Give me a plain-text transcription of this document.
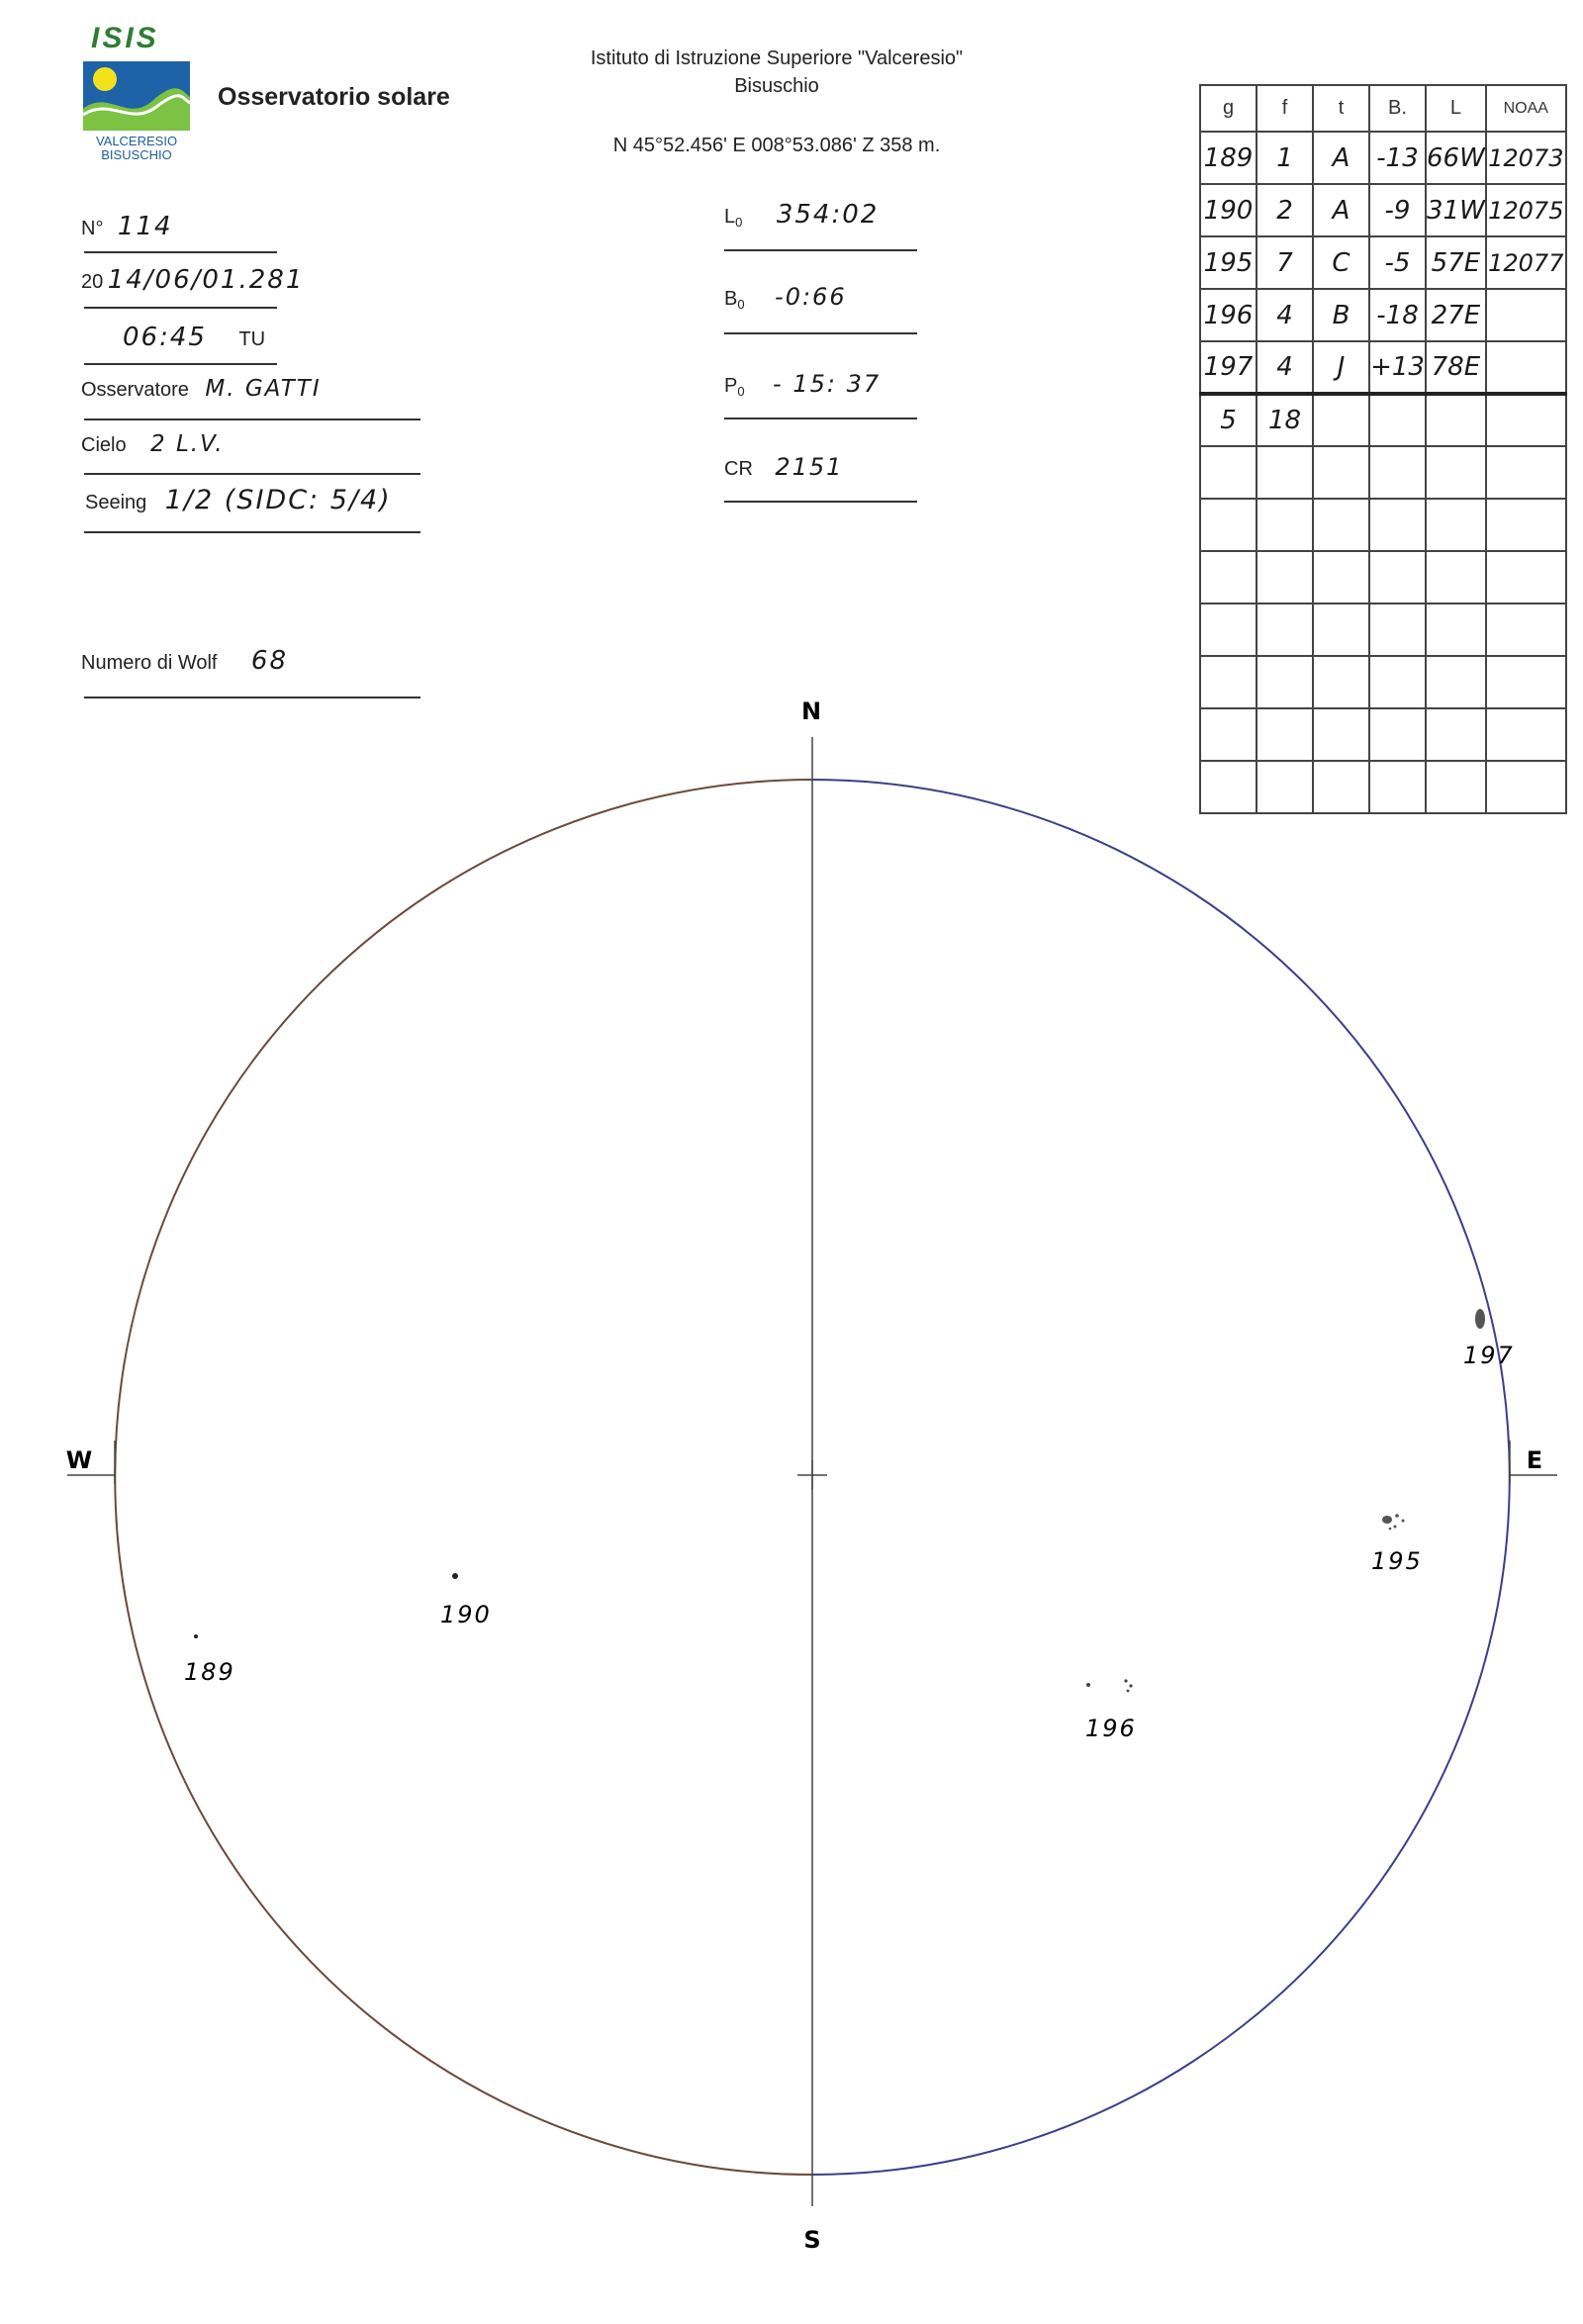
ISIS
VALCERESIO
BISUSCHIO
Osservatorio solare
Istituto di Istruzione Superiore "Valceresio"
Bisuschio
N 45°52.456' E 008°53.086' Z 358 m.
N° 114
20 14/06/01.281
06:45 TU
Osservatore M. GATTI
Cielo 2 L.V.
Seeing 1/2 (SIDC: 5/4)
Numero di Wolf 68
$L_0$ 354:02
$B_0$ -0:66
$P_0 - 15$: 37
CR 2151
g	f	t	B.	L	NOAA
189	1	A	-13	66W	12073
190	2	A	-9	31W	12075
195	7	C	-5	57E	12077
196	4	B	-18	27E	
197	4	J	+13	78E	
5	18				

N
S
W	E
197
195
190
189
196
